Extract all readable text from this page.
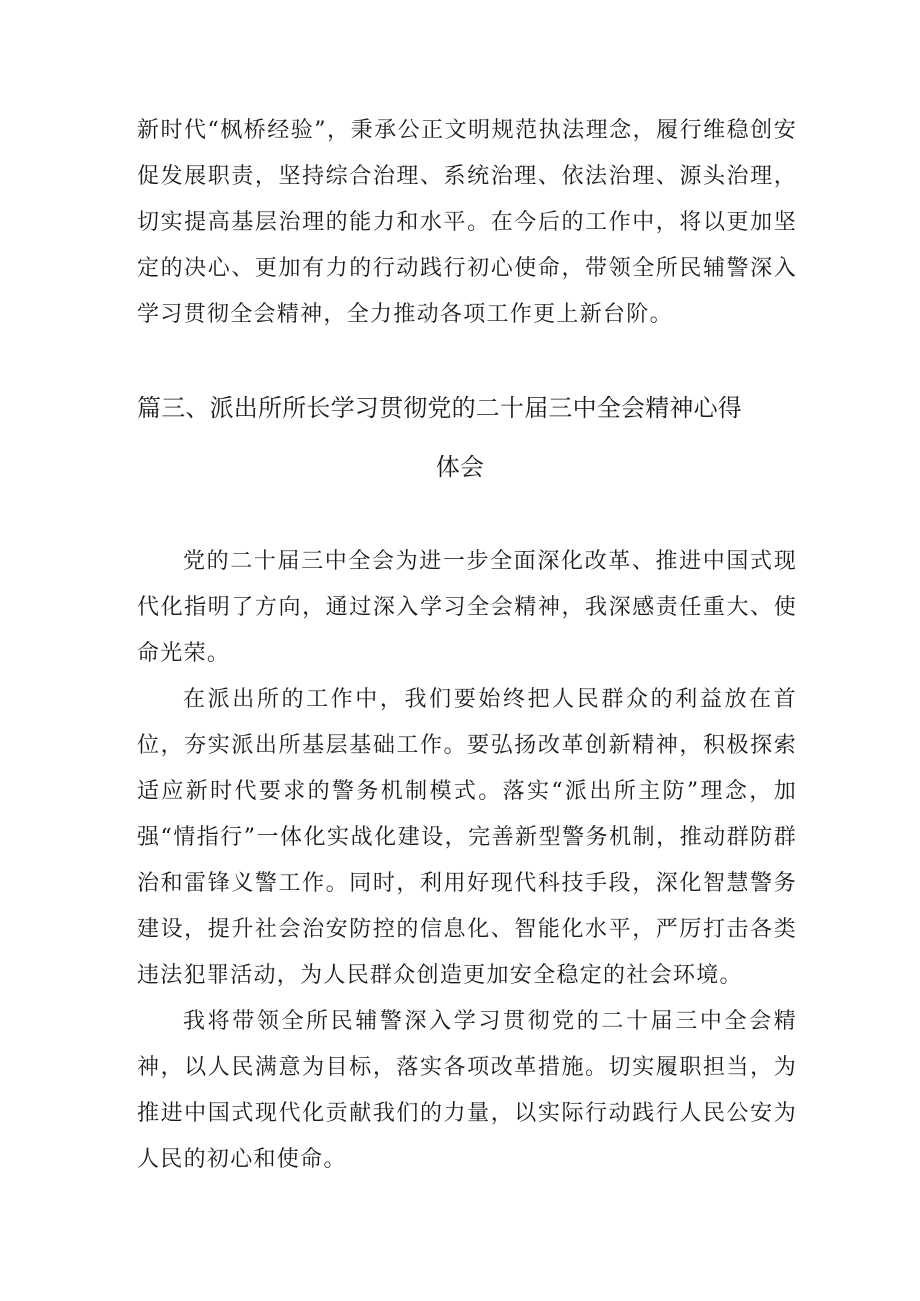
新时代“枫桥经验”，秉承公正文明规范执法理念，履行维稳创安促发展职责，坚持综合治理、系统治理、依法治理、源头治理，切实提高基层治理的能力和水平。在今后的工作中，将以更加坚定的决心、更加有力的行动践行初心使命，带领全所民辅警深入学习贯彻全会精神，全力推动各项工作更上新台阶。

篇三、派出所所长学习贯彻党的二十届三中全会精神心得
体会

党的二十届三中全会为进一步全面深化改革、推进中国式现代化指明了方向，通过深入学习全会精神，我深感责任重大、使命光荣。

在派出所的工作中，我们要始终把人民群众的利益放在首位，夯实派出所基层基础工作。要弘扬改革创新精神，积极探索适应新时代要求的警务机制模式。落实“派出所主防”理念，加强“情指行”一体化实战化建设，完善新型警务机制，推动群防群治和雷锋义警工作。同时，利用好现代科技手段，深化智慧警务建设，提升社会治安防控的信息化、智能化水平，严厉打击各类违法犯罪活动，为人民群众创造更加安全稳定的社会环境。

我将带领全所民辅警深入学习贯彻党的二十届三中全会精神，以人民满意为目标，落实各项改革措施。切实履职担当，为推进中国式现代化贡献我们的力量，以实际行动践行人民公安为人民的初心和使命。
